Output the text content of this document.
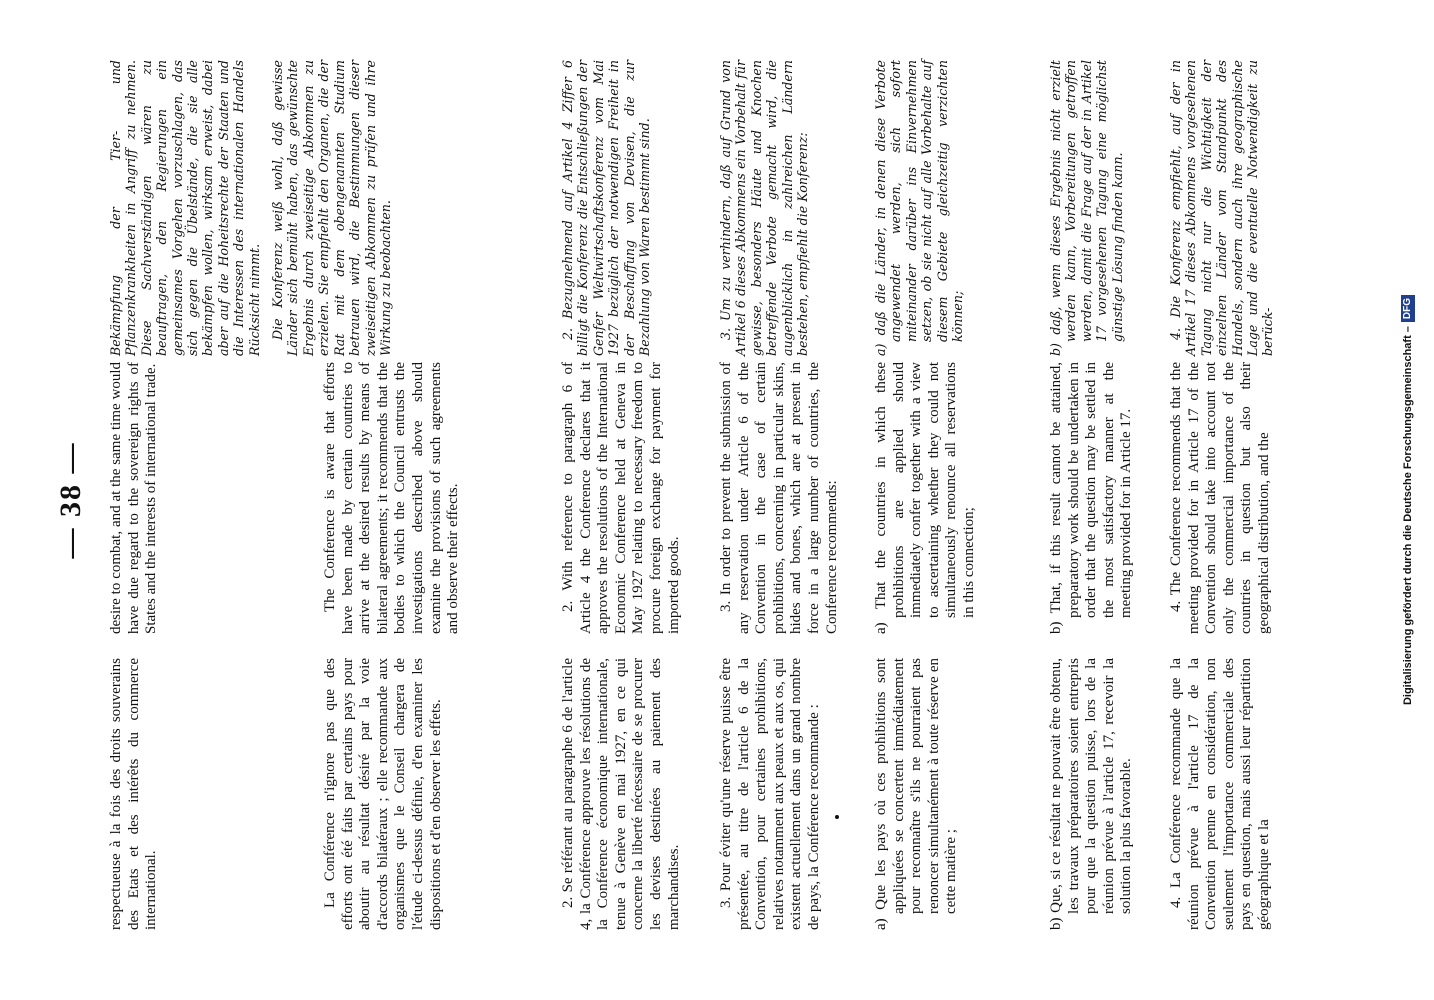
— 38 —

respectueuse à la fois des droits souverains des Etats et des intérêts du commerce international.	La Conférence n'ignore pas que des efforts ont été faits par certains pays pour aboutir au résultat désiré par la voie d'accords bilatéraux ; elle recommande aux organismes que le Conseil chargera de l'étude ci-dessus définie, d'en examiner les dispositions et d'en observer les effets.	2. Se référant au paragraphe 6 de l'article 4, la Conférence approuve les résolutions de la Conférence économique internationale, tenue à Genève en mai 1927, en ce qui concerne la liberté nécessaire de se procurer les devises destinées au paiement des marchandises. 3. Pour éviter qu'une réserve puisse être présentée, au titre de l'article 6 de la Convention, pour certaines prohibitions, relatives notamment aux peaux et aux os, qui existent actuellement dans un grand nombre de pays, la Conférence recommande :	a) Que les pays où ces prohibitions sont appliquées se concertent immédiatement pour reconnaître s'ils ne pourraient pas renoncer simultanément à toute réserve en cette matière ;	b) Que, si ce résultat ne pouvait être obtenu, les travaux préparatoires soient entrepris pour que la question puisse, lors de la réunion prévue à l'article 17, recevoir la solution la plus favorable. 4. La Conférence recommande que la réunion prévue à l'article 17 de la Convention prenne en considération, non seulement l'importance commerciale des pays en question, mais aussi leur répartition géographique et la

desire to combat, and at the same time would have due regard to the sovereign rights of States and the interests of international trade.	The Conference is aware that efforts have been made by certain countries to arrive at the desired results by means of bilateral agreements; it recommends that the bodies to which the Council entrusts the investigations described above should examine the provisions of such agreements and observe their effects.	2. With reference to paragraph 6 of Article 4 the Conference declares that it approves the resolutions of the International Economic Conference held at Geneva in May 1927 relating to necessary freedom to procure foreign exchange for payment for imported goods. 3. In order to prevent the submission of any reservation under Article 6 of the Convention in the case of certain prohibitions, concerning in particular skins, hides and bones, which are at present in force in a large number of countries, the Conference recommends: a) That the countries in which these prohibitions are applied should immediately confer together with a view to ascertaining whether they could not simultaneously renounce all reservations in this connection;	b) That, if this result cannot be attained, preparatory work should be undertaken in order that the question may be settled in the most satisfactory manner at the meeting provided for in Article 17. 4. The Conference recommends that the meeting provided for in Article 17 of the Convention should take into account not only the commercial importance of the countries in question but also their geographical distribution, and the

Bekämpfung der Tier- und Pflanzenkrankheiten in Angriff zu nehmen. Diese Sachverständigen wären zu beauftragen, den Regierungen ein gemeinsames Vorgehen vorzuschlagen, das sich gegen die Übelstände, die sie alle bekämpfen wollen, wirksam erweist, dabei aber auf die Hoheitsrechte der Staaten und die Interessen des internationalen Handels Rücksicht nimmt. Die Konferenz weiß wohl, daß gewisse Länder sich bemüht haben, das gewünschte Ergebnis durch zweiseitige Abkommen zu erzielen. Sie empfiehlt den Organen, die der Rat mit dem obengenannten Studium betrauen wird, die Bestimmungen dieser zweiseitigen Abkommen zu prüfen und ihre Wirkung zu beobachten.	2. Bezugnehmend auf Artikel 4 Ziffer 6 billigt die Konferenz die Entschließungen der Genfer Weltwirtschaftskonferenz vom Mai 1927 bezüglich der notwendigen Freiheit in der Beschaffung von Devisen, die zur Bezahlung von Waren bestimmt sind.	3. Um zu verhindern, daß auf Grund von Artikel 6 dieses Abkommens ein Vorbehalt für gewisse, besonders Häute und Knochen betreffende Verbote gemacht wird, die augenblicklich in zahlreichen Ländern bestehen, empfiehlt die Konferenz:	a) daß die Länder, in denen diese Verbote angewendet werden, sich sofort miteinander darüber ins Einvernehmen setzen, ob sie nicht auf alle Vorbehalte auf diesem Gebiete gleichzeitig verzichten können;	b) daß, wenn dieses Ergebnis nicht erzielt werden kann, Vorbereitungen getroffen werden, damit die Frage auf der in Artikel 17 vorgesehenen Tagung eine möglichst günstige Lösung finden kann.	4. Die Konferenz empfiehlt, auf der in Artikel 17 dieses Abkommens vorgesehenen Tagung nicht nur die Wichtigkeit der einzelnen Länder vom Standpunkt des Handels, sondern auch ihre geographische Lage und die eventuelle Notwendigkeit zu berück-	Digitalisierung gefördert durch die Deutsche Forschungsgemeinschaft –DFG
